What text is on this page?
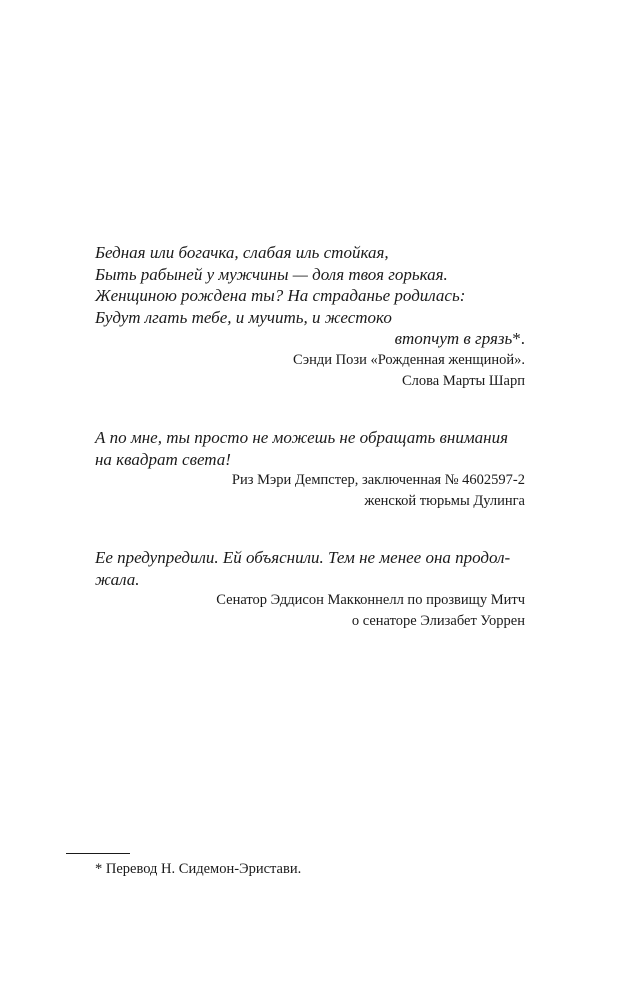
Бедная или богачка, слабая иль стойкая,
Быть рабыней у мужчины — доля твоя горькая.
Женщиною рождена ты? На страданье родилась:
Будут лгать тебе, и мучить, и жестоко
втопчут в грязь*.
Сэнди Пози «Рожденная женщиной».
Слова Марты Шарп
А по мне, ты просто не можешь не обращать внимания
на квадрат света!
Риз Мэри Демпстер, заключенная № 4602597-2
женской тюрьмы Дулинга
Ее предупредили. Ей объяснили. Тем не менее она продол-
жала.
Сенатор Эддисон Макконнелл по прозвищу Митч
о сенаторе Элизабет Уоррен
* Перевод Н. Сидемон-Эристави.
